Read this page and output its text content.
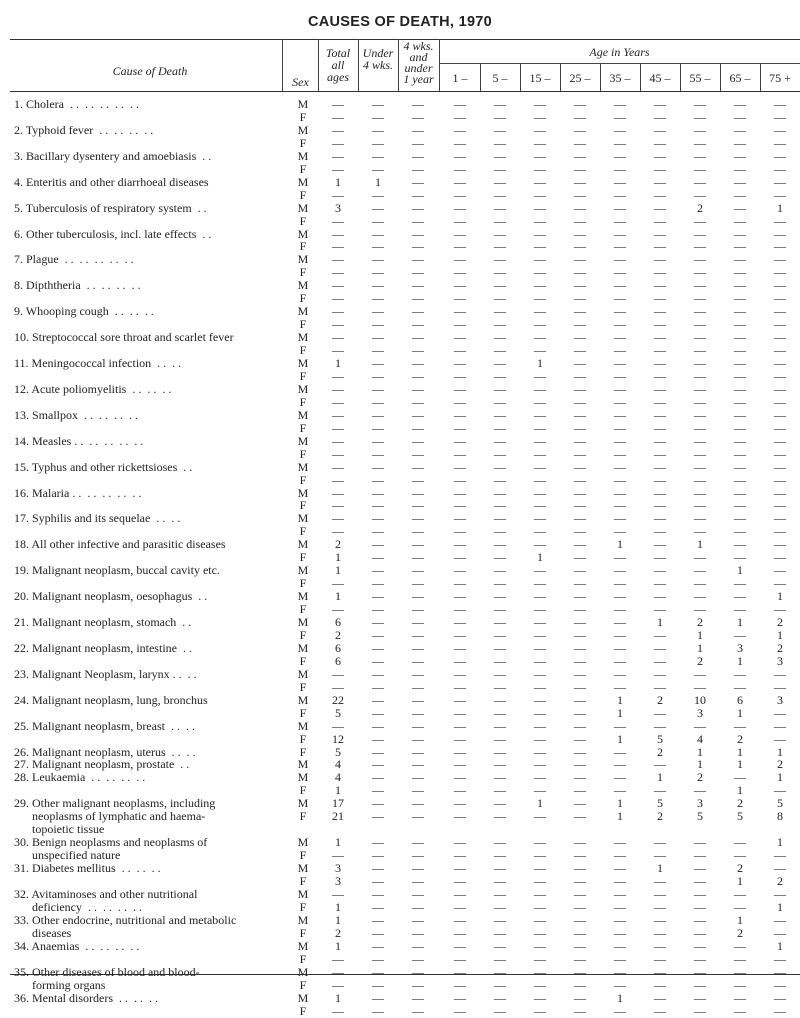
CAUSES OF DEATH, 1970
Cause of Death
Sex
Total
all
ages
Under
4 wks.
4 wks.
and
under
1 year
Age in Years
1 –	5 –	15 –	25 –	35 –	45 –	55 –	65 –	75 +
1. Cholera  . .  . .  . .  . .  . .	M	—	—	—	—	—	—	—	—	—	—	—	—
F	—	—	—	—	—	—	—	—	—	—	—	—
2. Typhoid fever  . .  . .  . .  . .	M	—	—	—	—	—	—	—	—	—	—	—	—
F	—	—	—	—	—	—	—	—	—	—	—	—
3. Bacillary dysentery and amoebiasis  . .	M	—	—	—	—	—	—	—	—	—	—	—	—
F	—	—	—	—	—	—	—	—	—	—	—	—
4. Enteritis and other diarrhoeal diseases	M	1	1	—	—	—	—	—	—	—	—	—	—
F	—	—	—	—	—	—	—	—	—	—	—	—
5. Tuberculosis of respiratory system  . .	M	3	—	—	—	—	—	—	—	—	2	—	1
F	—	—	—	—	—	—	—	—	—	—	—	—
6. Other tuberculosis, incl. late effects  . .	M	—	—	—	—	—	—	—	—	—	—	—	—
F	—	—	—	—	—	—	—	—	—	—	—	—
7. Plague  . .  . .  . .  . .  . .	M	—	—	—	—	—	—	—	—	—	—	—	—
F	—	—	—	—	—	—	—	—	—	—	—	—
8. Dipththeria  . .  . .  . .  . .	M	—	—	—	—	—	—	—	—	—	—	—	—
F	—	—	—	—	—	—	—	—	—	—	—	—
9. Whooping cough  . .  . .  . .	M	—	—	—	—	—	—	—	—	—	—	—	—
F	—	—	—	—	—	—	—	—	—	—	—	—
10. Streptococcal sore throat and scarlet fever	M	—	—	—	—	—	—	—	—	—	—	—	—
F	—	—	—	—	—	—	—	—	—	—	—	—
11. Meningococcal infection  . .  . .	M	1	—	—	—	—	1	—	—	—	—	—	—
F	—	—	—	—	—	—	—	—	—	—	—	—
12. Acute poliomyelitis  . .  . .  . .	M	—	—	—	—	—	—	—	—	—	—	—	—
F	—	—	—	—	—	—	—	—	—	—	—	—
13. Smallpox  . .  . .  . .  . .	M	—	—	—	—	—	—	—	—	—	—	—	—
F	—	—	—	—	—	—	—	—	—	—	—	—
14. Measles . .  . .  . .  . .  . .	M	—	—	—	—	—	—	—	—	—	—	—	—
F	—	—	—	—	—	—	—	—	—	—	—	—
15. Typhus and other rickettsioses  . .	M	—	—	—	—	—	—	—	—	—	—	—	—
F	—	—	—	—	—	—	—	—	—	—	—	—
16. Malaria . .  . .  . .  . .  . .	M	—	—	—	—	—	—	—	—	—	—	—	—
F	—	—	—	—	—	—	—	—	—	—	—	—
17. Syphilis and its sequelae  . .  . .	M	—	—	—	—	—	—	—	—	—	—	—	—
F	—	—	—	—	—	—	—	—	—	—	—	—
18. All other infective and parasitic diseases	M	2	—	—	—	—	—	—	1	—	1	—	—
F	1	—	—	—	—	1	—	—	—	—	—	—
19. Malignant neoplasm, buccal cavity etc.	M	1	—	—	—	—	—	—	—	—	—	1	—
F	—	—	—	—	—	—	—	—	—	—	—	—
20. Malignant neoplasm, oesophagus  . .	M	1	—	—	—	—	—	—	—	—	—	—	1
F	—	—	—	—	—	—	—	—	—	—	—	—
21. Malignant neoplasm, stomach  . .	M	6	—	—	—	—	—	—	—	1	2	1	2
F	2	—	—	—	—	—	—	—	—	1	—	1
22. Malignant neoplasm, intestine  . .	M	6	—	—	—	—	—	—	—	—	1	3	2
F	6	—	—	—	—	—	—	—	—	2	1	3
23. Malignant Neoplasm, larynx . .  . .	M	—	—	—	—	—	—	—	—	—	—	—	—
F	—	—	—	—	—	—	—	—	—	—	—	—
24. Malignant neoplasm, lung, bronchus	M	22	—	—	—	—	—	—	1	2	10	6	3
F	5	—	—	—	—	—	—	1	—	3	1	—
25. Malignant neoplasm, breast  . .  . .	M	—	—	—	—	—	—	—	—	—	—	—	—
F	12	—	—	—	—	—	—	1	5	4	2	—
26. Malignant neoplasm, uterus  . .  . .	F	5	—	—	—	—	—	—	—	2	1	1	1
27. Malignant neoplasm, prostate  . .	M	4	—	—	—	—	—	—	—	—	1	1	2
28. Leukaemia  . .  . .  . .  . .	M	4	—	—	—	—	—	—	—	1	2	—	1
F	1	—	—	—	—	—	—	—	—	—	1	—
29. Other malignant neoplasms, including	M	17	—	—	—	—	1	—	1	5	3	2	5
neoplasms of lymphatic and haema-	F	21	—	—	—	—	—	—	1	2	5	5	8
topoietic tissue
30. Benign neoplasms and neoplasms of	M	1	—	—	—	—	—	—	—	—	—	—	1
unspecified nature	F	—	—	—	—	—	—	—	—	—	—	—	—
31. Diabetes mellitus  . .  . .  . .	M	3	—	—	—	—	—	—	—	1	—	2	—
F	3	—	—	—	—	—	—	—	—	—	1	2
32. Avitaminoses and other nutritional	M	—	—	—	—	—	—	—	—	—	—	—	—
deficiency  . .  . .  . .  . .	F	1	—	—	—	—	—	—	—	—	—	—	1
33. Other endocrine, nutritional and metabolic	M	1	—	—	—	—	—	—	—	—	—	1	—
diseases	F	2	—	—	—	—	—	—	—	—	—	2	—
34. Anaemias  . .  . .  . .  . .	M	1	—	—	—	—	—	—	—	—	—	—	1
F	—	—	—	—	—	—	—	—	—	—	—	—
35. Other diseases of blood and blood-	M	—	—	—	—	—	—	—	—	—	—	—	—
forming organs	F	—	—	—	—	—	—	—	—	—	—	—	—
36. Mental disorders  . .  . .  . .	M	1	—	—	—	—	—	—	1	—	—	—	—
F	—	—	—	—	—	—	—	—	—	—	—	—
